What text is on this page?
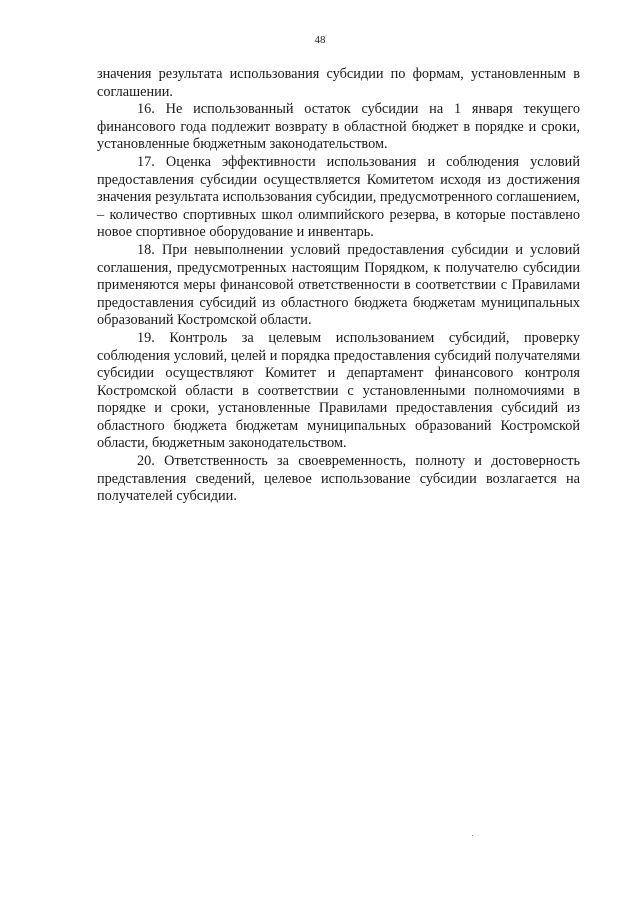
48

значения результата использования субсидии по формам, установленным в соглашении.

16. Не использованный остаток субсидии на 1 января текущего финансового года подлежит возврату в областной бюджет в порядке и сроки, установленные бюджетным законодательством.

17. Оценка эффективности использования и соблюдения условий предоставления субсидии осуществляется Комитетом исходя из достижения значения результата использования субсидии, предусмотренного соглашением, – количество спортивных школ олимпийского резерва, в которые поставлено новое спортивное оборудование и инвентарь.

18. При невыполнении условий предоставления субсидии и условий соглашения, предусмотренных настоящим Порядком, к получателю субсидии применяются меры финансовой ответственности в соответствии с Правилами предоставления субсидий из областного бюджета бюджетам муниципальных образований Костромской области.

19. Контроль за целевым использованием субсидий, проверку соблюдения условий, целей и порядка предоставления субсидий получателями субсидии осуществляют Комитет и департамент финансового контроля Костромской области в соответствии с установленными полномочиями в порядке и сроки, установленные Правилами предоставления субсидий из областного бюджета бюджетам муниципальных образований Костромской области, бюджетным законодательством.

20. Ответственность за своевременность, полноту и достоверность представления сведений, целевое использование субсидии возлагается на получателей субсидии.
